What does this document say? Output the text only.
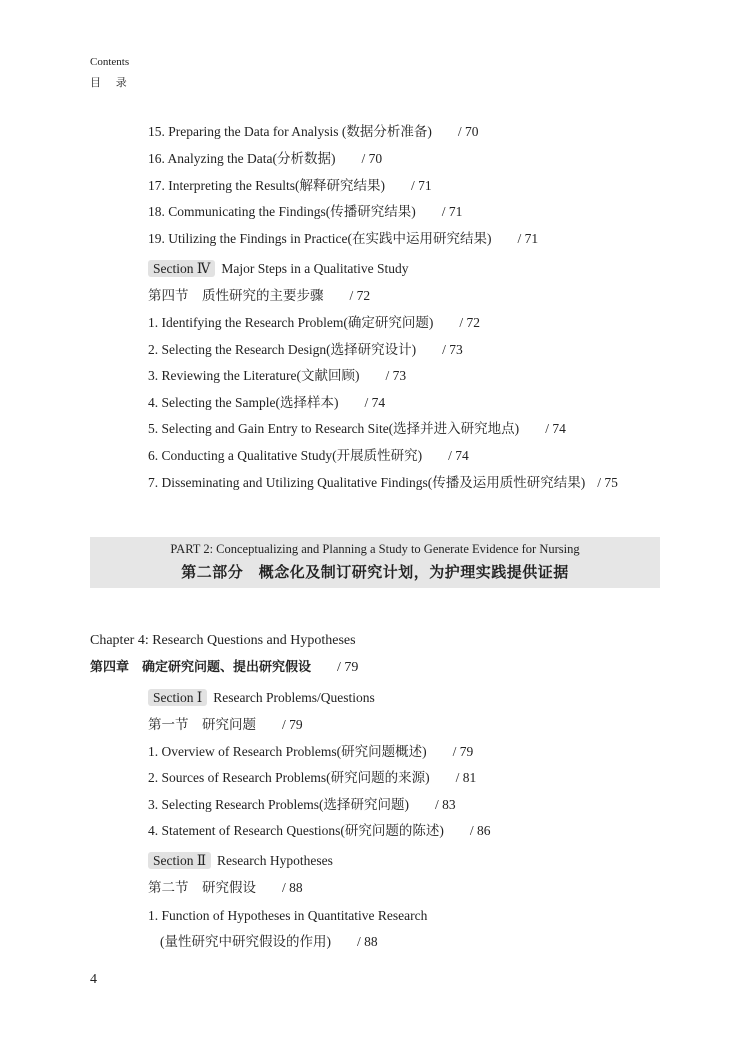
Contents
目 录
15. Preparing the Data for Analysis (数据分析准备) / 70
16. Analyzing the Data(分析数据) / 70
17. Interpreting the Results(解释研究结果) / 71
18. Communicating the Findings(传播研究结果) / 71
19. Utilizing the Findings in Practice(在实践中运用研究结果) / 71
Section Ⅳ Major Steps in a Qualitative Study
第四节　质性研究的主要步骤 / 72
1. Identifying the Research Problem(确定研究问题) / 72
2. Selecting the Research Design(选择研究设计) / 73
3. Reviewing the Literature(文献回顾) / 73
4. Selecting the Sample(选择样本) / 74
5. Selecting and Gain Entry to Research Site(选择并进入研究地点) / 74
6. Conducting a Qualitative Study(开展质性研究) / 74
7. Disseminating and Utilizing Qualitative Findings(传播及运用质性研究结果) / 75
PART 2: Conceptualizing and Planning a Study to Generate Evidence for Nursing
第二部分　概念化及制订研究计划，为护理实践提供证据
Chapter 4: Research Questions and Hypotheses
第四章　确定研究问题、提出研究假设 / 79
Section Ⅰ Research Problems/Questions
第一节　研究问题 / 79
1. Overview of Research Problems(研究问题概述) / 79
2. Sources of Research Problems(研究问题的来源) / 81
3. Selecting Research Problems(选择研究问题) / 83
4. Statement of Research Questions(研究问题的陈述) / 86
Section Ⅱ Research Hypotheses
第二节　研究假设 / 88
1. Function of Hypotheses in Quantitative Research
(量性研究中研究假设的作用) / 88
4
